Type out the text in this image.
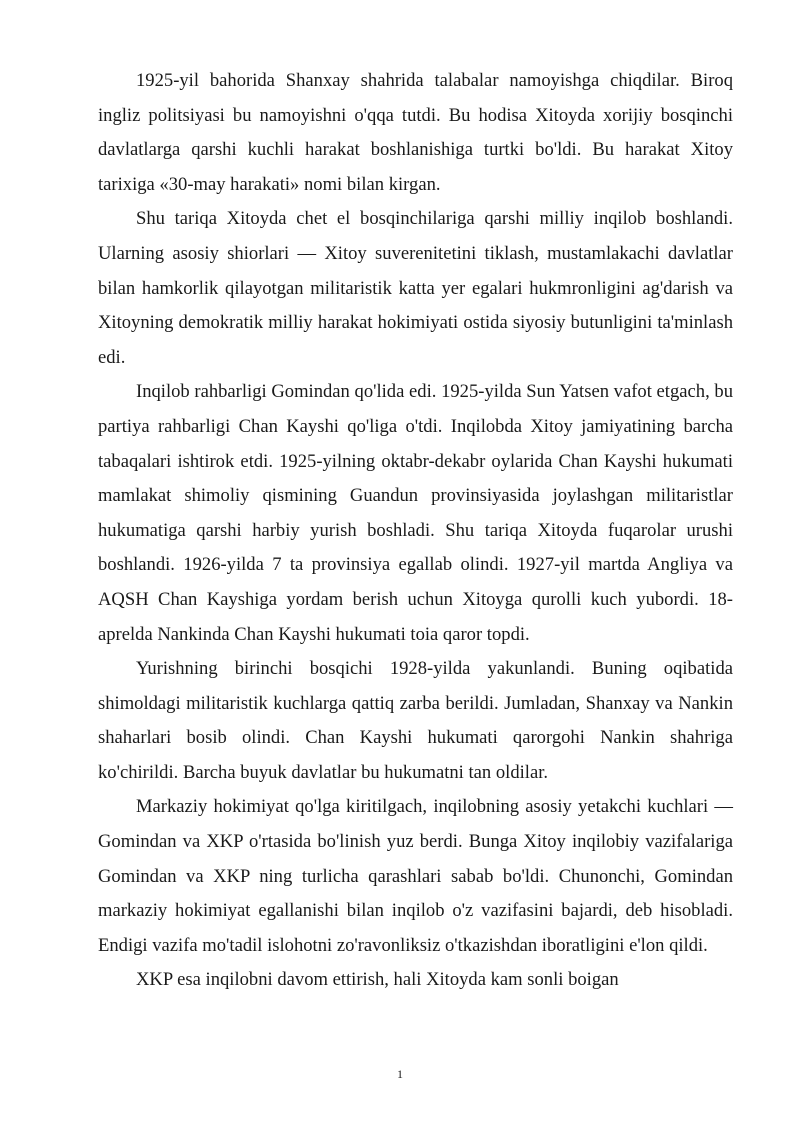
1925-yil bahorida Shanxay shahrida talabalar namoyishga chiqdilar. Biroq ingliz politsiyasi bu namoyishni o'qqa tutdi. Bu hodisa Xitoyda xorijiy bosqinchi davlatlarga qarshi kuchli harakat boshlanishiga turtki bo'ldi. Bu harakat Xitoy tarixiga «30-may harakati» nomi bilan kirgan.

Shu tariqa Xitoyda chet el bosqinchilariga qarshi milliy inqilob boshlandi. Ularning asosiy shiorlari — Xitoy suverenitetini tiklash, mustamlakachi davlatlar bilan hamkorlik qilayotgan militaristik katta yer egalari hukmronligini ag'darish va Xitoyning demokratik milliy harakat hokimiyati ostida siyosiy butunligini ta'minlash edi.

Inqilob rahbarligi Gomindan qo'lida edi. 1925-yilda Sun Yatsen vafot etgach, bu partiya rahbarligi Chan Kayshi qo'liga o'tdi. Inqilobda Xitoy jamiyatining barcha tabaqalari ishtirok etdi. 1925-yilning oktabr-dekabr oylarida Chan Kayshi hukumati mamlakat shimoliy qismining Guandun provinsiyasida joylashgan militaristlar hukumatiga qarshi harbiy yurish boshladi. Shu tariqa Xitoyda fuqarolar urushi boshlandi. 1926-yilda 7 ta provinsiya egallab olindi. 1927-yil martda Angliya va AQSH Chan Kayshiga yordam berish uchun Xitoyga qurolli kuch yubordi. 18-aprelda Nankinda Chan Kayshi hukumati toia qaror topdi.

Yurishning birinchi bosqichi 1928-yilda yakunlandi. Buning oqibatida shimoldagi militaristik kuchlarga qattiq zarba berildi. Jumladan, Shanxay va Nankin shaharlari bosib olindi. Chan Kayshi hukumati qarorgohi Nankin shahriga ko'chirildi. Barcha buyuk davlatlar bu hukumatni tan oldilar.

Markaziy hokimiyat qo'lga kiritilgach, inqilobning asosiy yetakchi kuchlari — Gomindan va XKP o'rtasida bo'linish yuz berdi. Bunga Xitoy inqilobiy vazifalariga Gomindan va XKP ning turlicha qarashlari sabab bo'ldi. Chunonchi, Gomindan markaziy hokimiyat egallanishi bilan inqilob o'z vazifasini bajardi, deb hisobladi. Endigi vazifa mo'tadil islohotni zo'ravonliksiz o'tkazishdan iboratligini e'lon qildi.

XKP esa inqilobni davom ettirish, hali Xitoyda kam sonli boigan

1
